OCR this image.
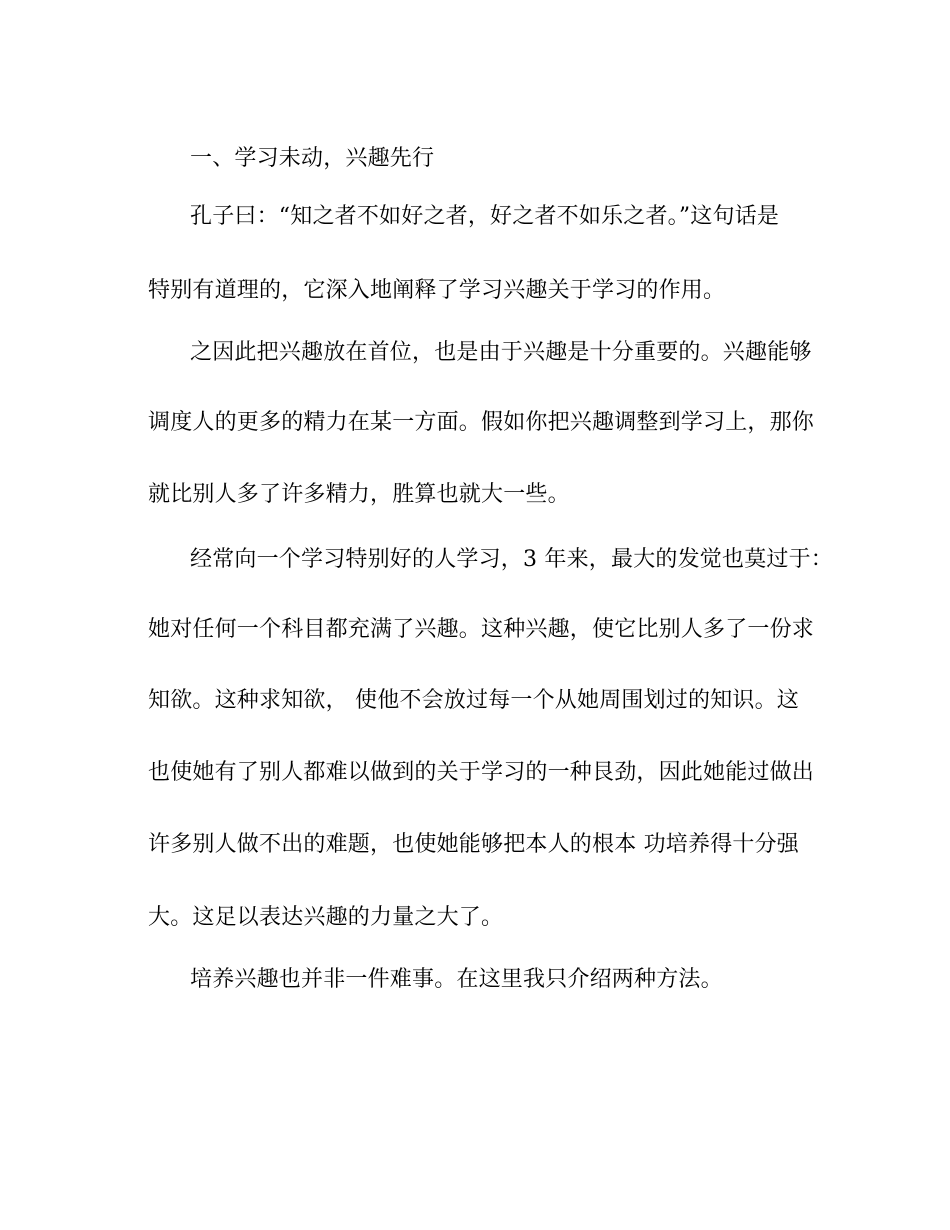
一、学习未动，兴趣先行
孔子曰：“知之者不如好之者，好之者不如乐之者。”这句话是
特别有道理的，它深入地阐释了学习兴趣关于学习的作用。
之因此把兴趣放在首位，也是由于兴趣是十分重要的。兴趣能够
调度人的更多的精力在某一方面。假如你把兴趣调整到学习上，那你
就比别人多了许多精力，胜算也就大一些。
经常向一个学习特别好的人学习，3 年来，最大的发觉也莫过于：
她对任何一个科目都充满了兴趣。这种兴趣，使它比别人多了一份求
知欲。这种求知欲， 使他不会放过每一个从她周围划过的知识。这
也使她有了别人都难以做到的关于学习的一种艮劲，因此她能过做出
许多别人做不出的难题，也使她能够把本人的根本 功培养得十分强
大。这足以表达兴趣的力量之大了。
培养兴趣也并非一件难事。在这里我只介绍两种方法。
